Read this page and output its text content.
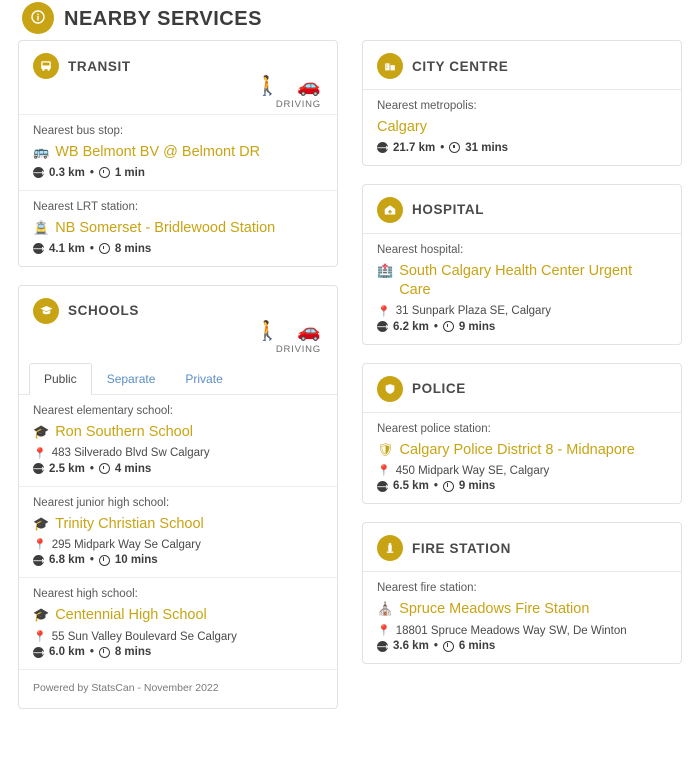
NEARBY SERVICES
TRANSIT
🚶 🚗
DRIVING
Nearest bus stop:
🚌 WB Belmont BV @ Belmont DR
⟶ 0.3 km • 1 min
Nearest LRT station:
🚊 NB Somerset - Bridlewood Station
⟶ 4.1 km • 8 mins
SCHOOLS
🚶 🚗
DRIVING
Public	Separate	Private
Nearest elementary school:
🎓 Ron Southern School
📍 483 Silverado Blvd Sw Calgary
⟶ 2.5 km • 4 mins
Nearest junior high school:
🎓 Trinity Christian School
📍 295 Midpark Way Se Calgary
⟶ 6.8 km • 10 mins
Nearest high school:
🎓 Centennial High School
📍 55 Sun Valley Boulevard Se Calgary
⟶ 6.0 km • 8 mins
Powered by StatsCan - November 2022
CITY CENTRE
Nearest metropolis:
Calgary
⟶ 21.7 km • 31 mins
HOSPITAL
Nearest hospital:
🏥 South Calgary Health Center Urgent Care
📍 31 Sunpark Plaza SE, Calgary
⟶ 6.2 km • 9 mins
POLICE
Nearest police station:
🛡 Calgary Police District 8 - Midnapore
📍 450 Midpark Way SE, Calgary
⟶ 6.5 km • 9 mins
FIRE STATION
Nearest fire station:
⛪ Spruce Meadows Fire Station
📍 18801 Spruce Meadows Way SW, De Winton
⟶ 3.6 km • 6 mins
